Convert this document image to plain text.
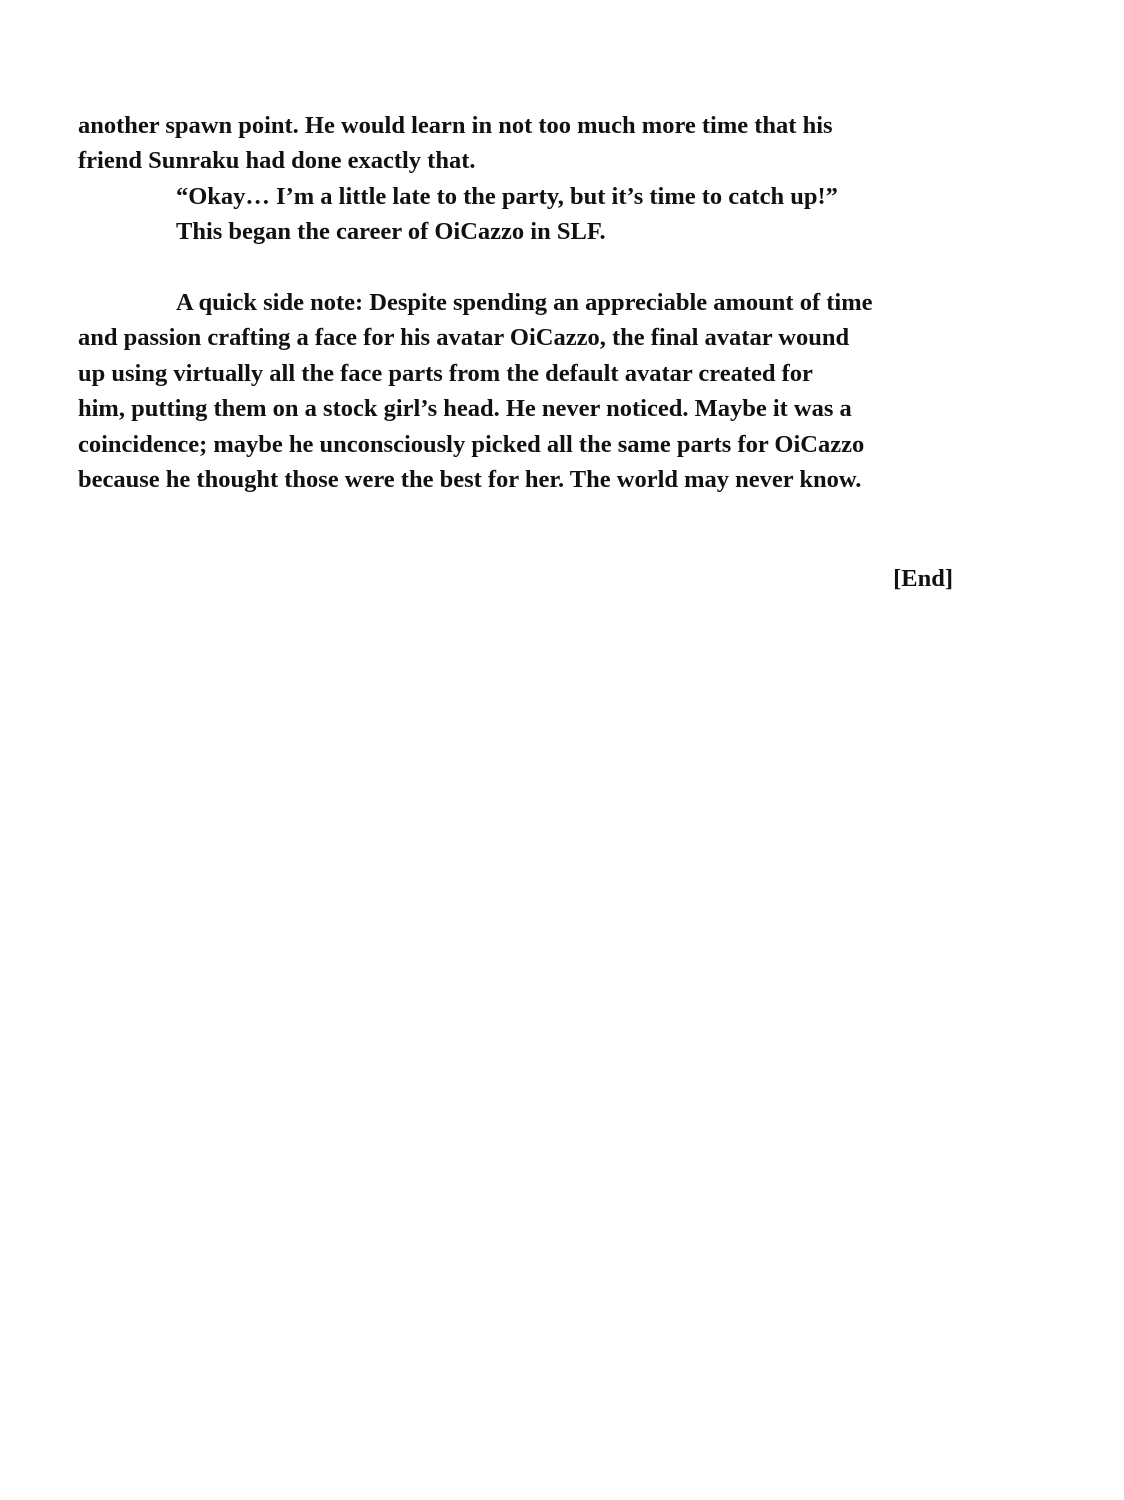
another spawn point. He would learn in not too much more time that his
friend Sunraku had done exactly that.
“Okay… I’m a little late to the party, but it’s time to catch up!”
This began the career of OiCazzo in SLF.
A quick side note: Despite spending an appreciable amount of time
and passion crafting a face for his avatar OiCazzo, the final avatar wound
up using virtually all the face parts from the default avatar created for
him, putting them on a stock girl’s head. He never noticed. Maybe it was a
coincidence; maybe he unconsciously picked all the same parts for OiCazzo
because he thought those were the best for her. The world may never know.
[End]
